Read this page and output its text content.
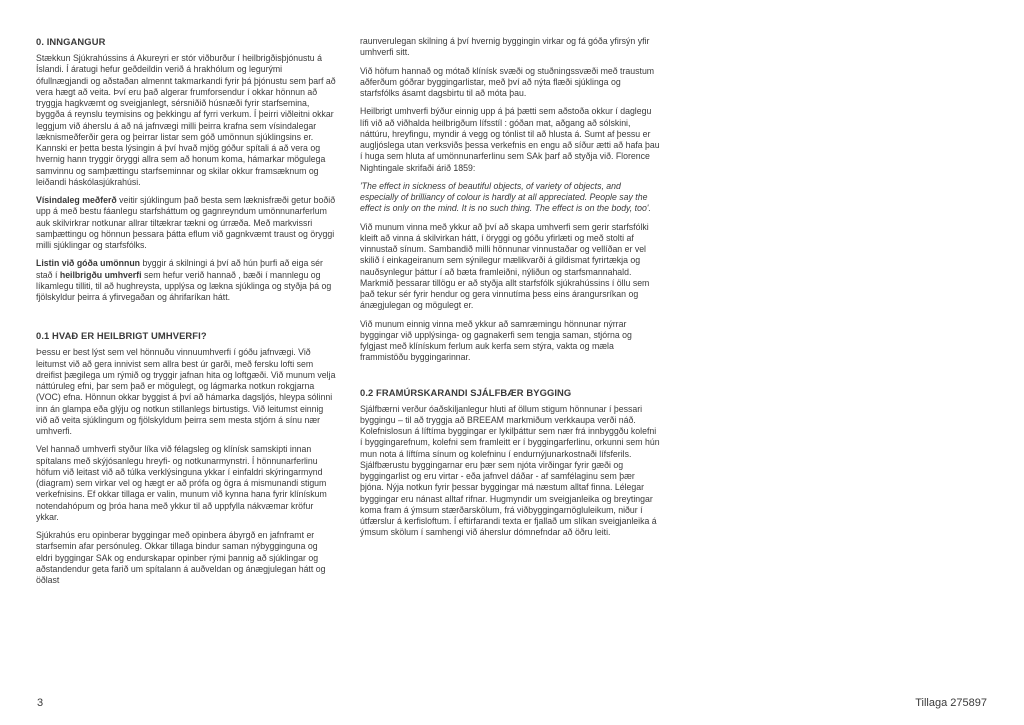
0. INNGANGUR

Stækkun Sjúkrahússins á Akureyri er stór viðburður í heilbrigðisþjónustu á Íslandi. Í áratugi hefur geðdeildin verið á hrakhólum og legurými ófullnægjandi og aðstaðan almennt takmarkandi fyrir þá þjónustu sem þarf að vera hægt að veita. Því eru það algerar frumforsendur í okkar hönnun að tryggja hagkvæmt og sveigjanlegt, sérsniðið húsnæði fyrir starfsemina, byggða á reynslu teymisins og þekkingu af fyrri verkum. Í þeirri viðleitni okkar leggjum við áherslu á að ná jafnvægi milli þeirra krafna sem vísindalegar læknismeðferðir gera og þeirrar listar sem góð umönnun sjúklingsins er. Kannski er þetta besta lýsingin á því hvað mjög góður spítali á að vera og hvernig hann tryggir öryggi allra sem að honum koma, hámarkar mögulega samvinnu og samþættingu starfseminnar og skilar okkur framsæknum og leiðandi háskólasjúkrahúsi.

Vísindaleg meðferð veitir sjúklingum það besta sem læknisfræði getur boðið upp á með bestu fáanlegu starfsháttum og gagnreyndum umönnunarferlum auk skilvirkrar notkunar allrar tiltækrar tækni og úrræða. Með markvissri samþættingu og hönnun þessara þátta eflum við gagnkvæmt traust og öryggi milli sjúklingar og starfsfólks.

Listin við góða umönnun byggir á skilningi á því að hún þurfi að eiga sér stað í heilbrigðu umhverfi sem hefur verið hannað , bæði í mannlegu og líkamlegu tilliti, til að hughreysta, upplýsa og lækna sjúklinga og styðja þá og fjölskyldur þeirra á yfirvegaðan og áhrifaríkan hátt.

0.1 HVAÐ ER HEILBRIGT UMHVERFI?

Þessu er best lýst sem vel hönnuðu vinnuumhverfi í góðu jafnvægi. Við leitumst við að gera innivist sem allra best úr garði, með fersku lofti sem dreifist þægilega um rýmið og tryggir jafnan hita og loftgæði. Við munum velja náttúruleg efni, þar sem það er mögulegt, og lágmarka notkun rokgjarna (VOC) efna. Hönnun okkar byggist á því að hámarka dagsljós, hleypa sólinni inn án glampa eða glýju og notkun stillanlegs birtustigs. Við leitumst einnig við að veita sjúklingum og fjölskyldum þeirra sem mesta stjórn á sínu nær umhverfi.

Vel hannað umhverfi styður líka við félagsleg og klínísk samskipti innan spítalans með skýjósanlegu hreyfi- og notkunarmynstri. Í hönnunarferlinu höfum við leitast við að túlka verklýsinguna ykkar í einfaldri skýringarmynd (diagram) sem virkar vel og hægt er að prófa og ögra á mismunandi stigum verkefnisins. Ef okkar tillaga er valin, munum við kynna hana fyrir klínískum notendahópum og þróa hana með ykkur til að uppfylla nákvæmar kröfur ykkar.

Sjúkrahús eru opinberar byggingar með opinbera ábyrgð en jafnframt er starfsemin afar persónuleg. Okkar tillaga bindur saman nýbygginguna og eldri byggingar SAk og endurskapar opinber rými þannig að sjúklingar og aðstandendur geta farið um spítalann á auðveldan og ánægjulegan hátt og öðlast

raunverulegan skilning á því hvernig byggingin virkar og fá góða yfirsýn yfir umhverfi sitt.

Við höfum hannað og mótað klínísk svæði og stuðningssvæði með traustum aðferðum góðrar byggingarlistar, með því að nýta flæði sjúklinga og starfsfólks ásamt dagsbirtu til að móta þau.

Heilbrigt umhverfi býður einnig upp á þá þætti sem aðstoða okkur í daglegu lífi við að viðhalda heilbrigðum lífsstíl : góðan mat, aðgang að sólskini, náttúru, hreyfingu, myndir á vegg og tónlist til að hlusta á. Sumt af þessu er augljóslega utan verksviðs þessa verkefnis en engu að síður ætti að hafa þau í huga sem hluta af umönnunarferlinu sem SAk þarf að styðja við. Florence Nightingale skrifaði árið 1859:

'The effect in sickness of beautiful objects, of variety of objects, and especially of brilliancy of colour is hardly at all appreciated. People say the effect is only on the mind. It is no such thing. The effect is on the body, too'.

Við munum vinna með ykkur að því að skapa umhverfi sem gerir starfsfólki kleift að vinna á skilvirkan hátt, í öryggi og góðu yfirlæti og með stolti af vinnustað sínum. Sambandið milli hönnunar vinnustaðar og vellíðan er vel skilið í einkageiranum sem sýnilegur mælikvarði á gildismat fyrirtækja og nauðsynlegur þáttur í að bæta framleiðni, nýliðun og starfsmannahald. Markmið þessarar tillögu er að styðja allt starfsfólk sjúkrahússins í öllu sem það tekur sér fyrir hendur og gera vinnutíma þess eins árangursríkan og ánægjulegan og mögulegt er.

Við munum einnig vinna með ykkur að samræmingu hönnunar nýrrar byggingar við upplýsinga- og gagnakerfi sem tengja saman, stjórna og fylgjast með klínískum ferlum auk kerfa sem stýra, vakta og mæla frammistöðu byggingarinnar.

0.2 FRAMÚRSKARANDI SJÁLFBÆR BYGGING

Sjálfbærni verður óaðskiljanlegur hluti af öllum stigum hönnunar í þessari byggingu – til að tryggja að BREEAM markmiðum verkkaupa verði náð. Kolefnislosun á líftíma byggingar er lykilþáttur sem nær frá innbyggðu kolefni í byggingarefnum, kolefni sem framleitt er í byggingarferlinu, orkunni sem hún mun nota á líftíma sínum og kolefninu í endurnýjunarkostnaði lífsferils. Sjálfbærustu byggingarnar eru þær sem njóta virðingar fyrir gæði og byggingarlist og eru virtar - eða jafnvel dáðar - af samfélaginu sem þær þjóna. Nýja notkun fyrir þessar byggingar má næstum alltaf finna. Lélegar byggingar eru nánast alltaf rifnar. Hugmyndir um sveigjanleika og breytingar koma fram á ýmsum stærðarskölum, frá viðbyggingarnögluleikum, niður í útfærslur á kerfisloftum. Í eftirfarandi texta er fjallað um slíkan sveigjanleika á ýmsum skölum í samhengi við áherslur dómnefndar að öðru leiti.

3	Tillaga 275897
